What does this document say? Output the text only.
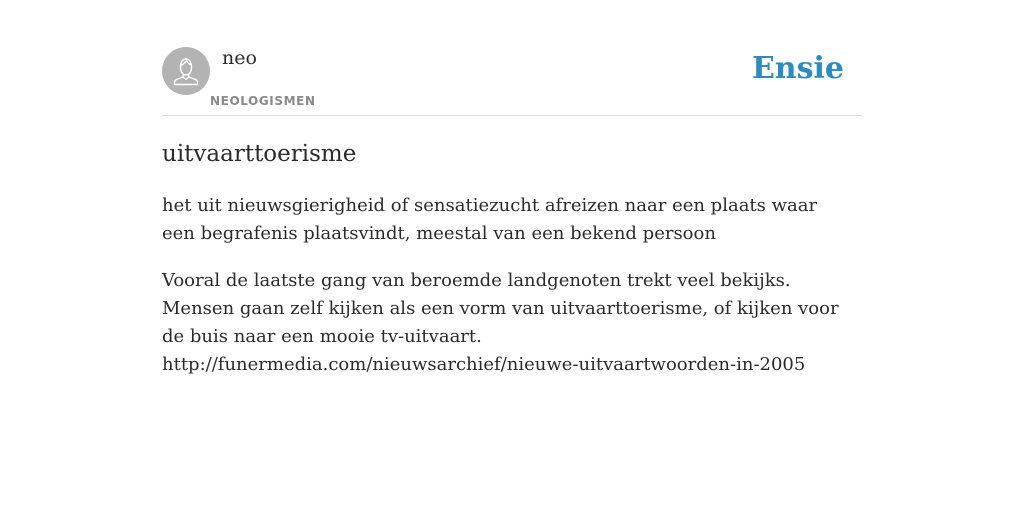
neo
NEOLOGISMEN
Ensie
uitvaarttoerisme

het uit nieuwsgierigheid of sensatiezucht afreizen naar een plaats waar een begrafenis plaatsvindt, meestal van een bekend persoon

Vooral de laatste gang van beroemde landgenoten trekt veel bekijks. Mensen gaan zelf kijken als een vorm van uitvaarttoerisme, of kijken voor de buis naar een mooie tv-uitvaart.
http://funermedia.com/nieuwsarchief/nieuwe-uitvaartwoorden-in-2005
